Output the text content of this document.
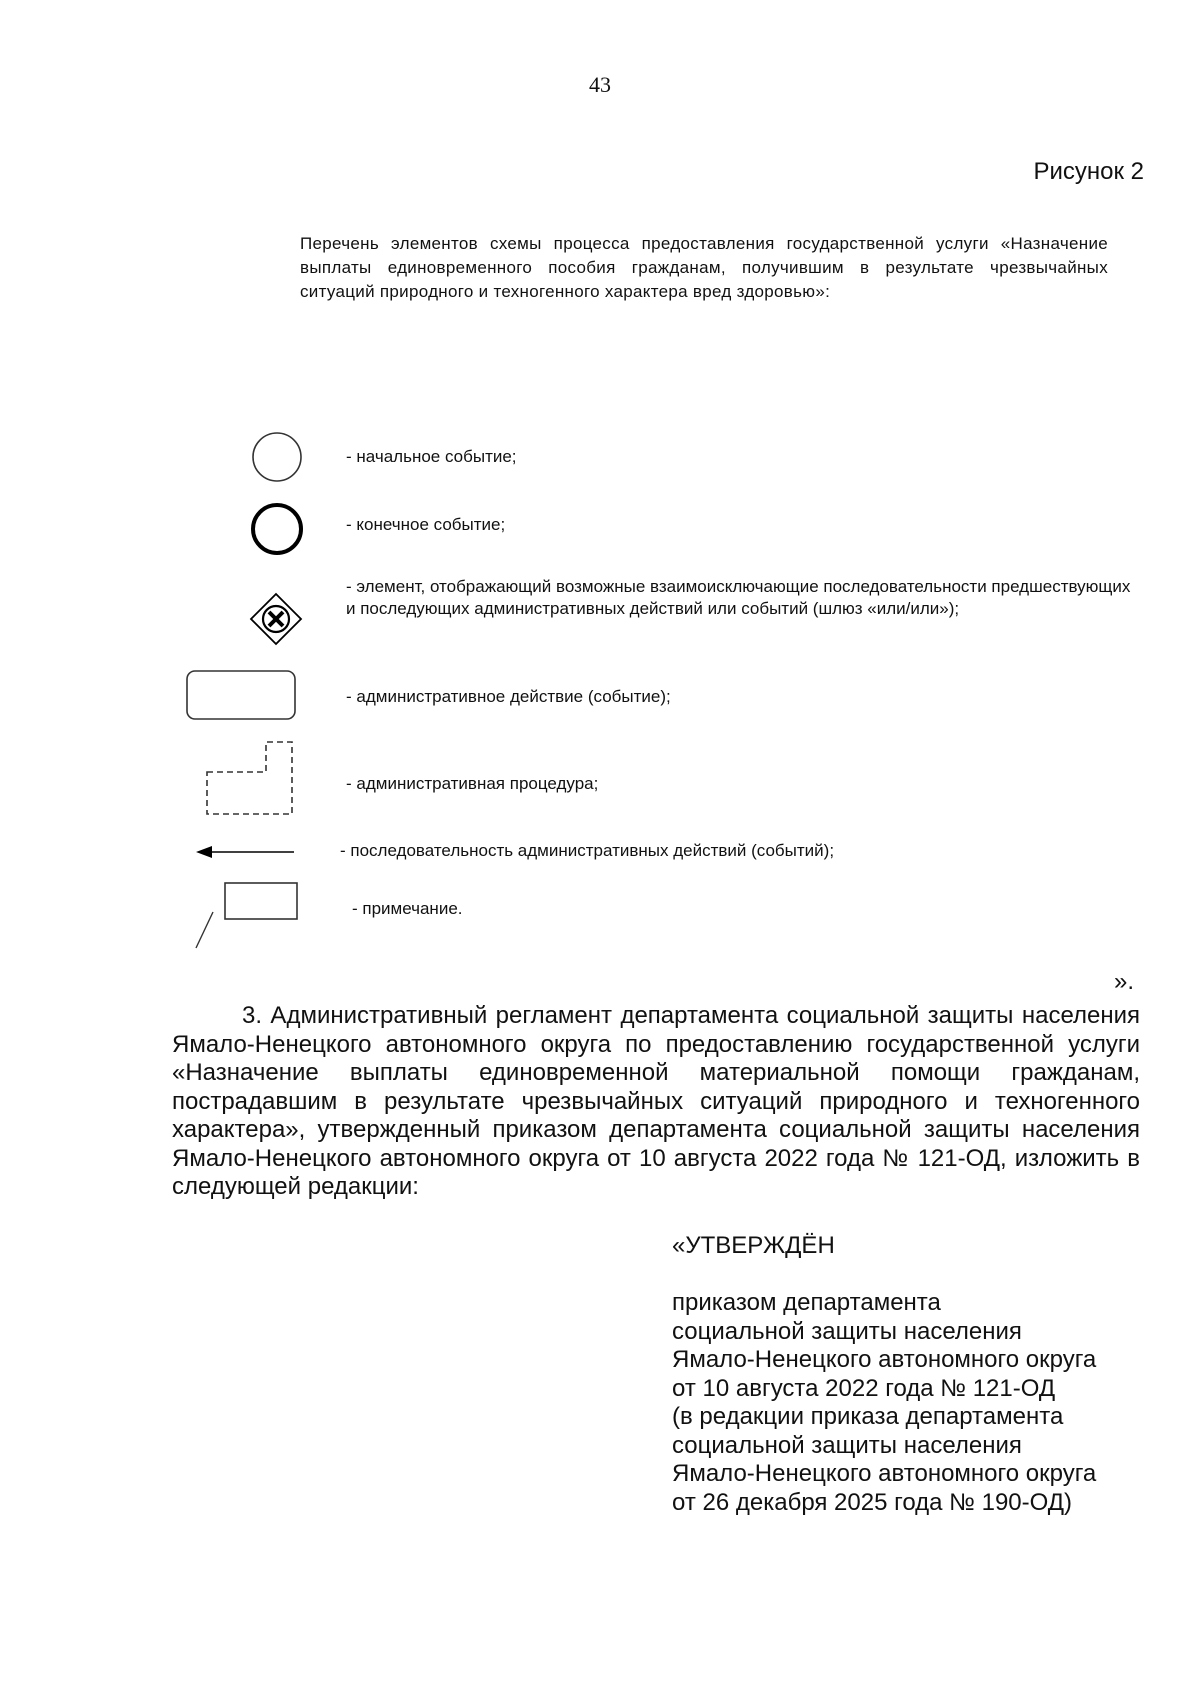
43
Рисунок 2
Перечень элементов схемы процесса предоставления государственной услуги «Назначение выплаты единовременного пособия гражданам, получившим в результате чрезвычайных ситуаций природного и техногенного характера вред здоровью»:
- начальное событие;
- конечное событие;
- элемент, отображающий возможные взаимоисключающие последовательности предшествующих и последующих административных действий или событий (шлюз «или/или»);
- административное действие (событие);
- административная процедура;
- последовательность административных действий (событий);
- примечание.
».
3. Административный регламент департамента социальной защиты населения Ямало-Ненецкого автономного округа по предоставлению государственной услуги «Назначение выплаты единовременной материальной помощи гражданам, пострадавшим в результате чрезвычайных ситуаций природного и техногенного характера», утвержденный приказом департамента социальной защиты населения Ямало-Ненецкого автономного округа от 10 августа 2022 года № 121-ОД, изложить в следующей редакции:
«УТВЕРЖДЁН
приказом департамента
социальной защиты населения
Ямало-Ненецкого автономного округа
от 10 августа 2022 года № 121-ОД
(в редакции приказа департамента
социальной защиты населения
Ямало-Ненецкого автономного округа
от 26 декабря 2025 года № 190-ОД)
